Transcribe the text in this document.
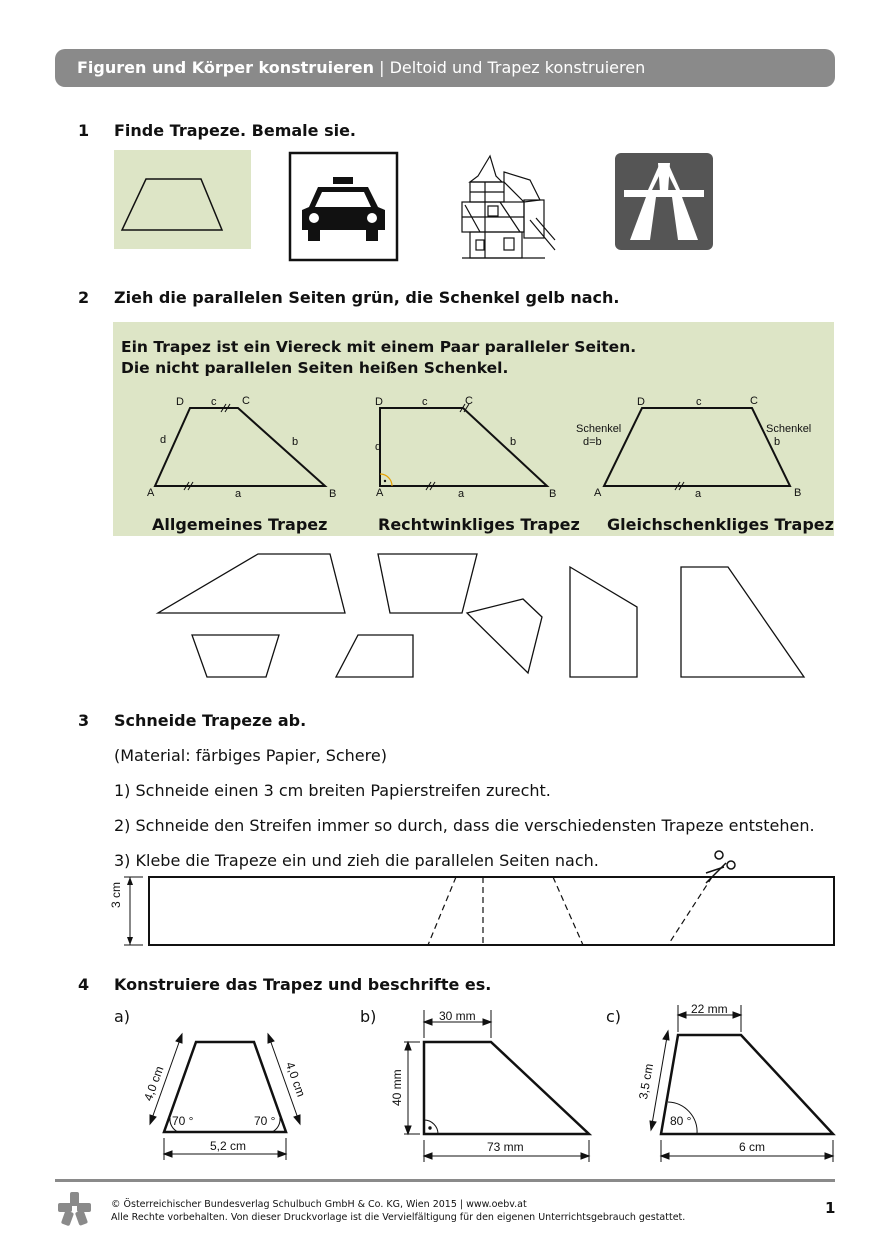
Figuren und Körper konstruieren | Deltoid und Trapez konstruieren
1 Finde Trapeze. Bemale sie.
2 Zieh die parallelen Seiten grün, die Schenkel gelb nach.
Ein Trapez ist ein Viereck mit einem Paar paralleler Seiten.
Die nicht parallelen Seiten heißen Schenkel.
D c C
d	b
A	a	B
Allgemeines Trapez
D	c	C
d	b
A	a	B
Rechtwinkliges Trapez
D	c	C
Schenkel
d=b
Schenkel
b
A	a	B
Gleichschenkliges Trapez
3 Schneide Trapeze ab.
(Material: färbiges Papier, Schere)
1) Schneide einen 3 cm breiten Papierstreifen zurecht.
2) Schneide den Streifen immer so durch, dass die verschiedensten Trapeze entstehen.
3) Klebe die Trapeze ein und zieh die parallelen Seiten nach.
3 cm
4 Konstruiere das Trapez und beschrifte es.
a)	b)	c)
4,0 cm	4,0 cm
70 °	70 °
5,2 cm
30 mm
40 mm
73 mm
22 mm
3,5 cm
80 °
6 cm
© Österreichischer Bundesverlag Schulbuch GmbH & Co. KG, Wien 2015 | www.oebv.at
Alle Rechte vorbehalten. Von dieser Druckvorlage ist die Vervielfältigung für den eigenen Unterrichtsgebrauch gestattet.
1
